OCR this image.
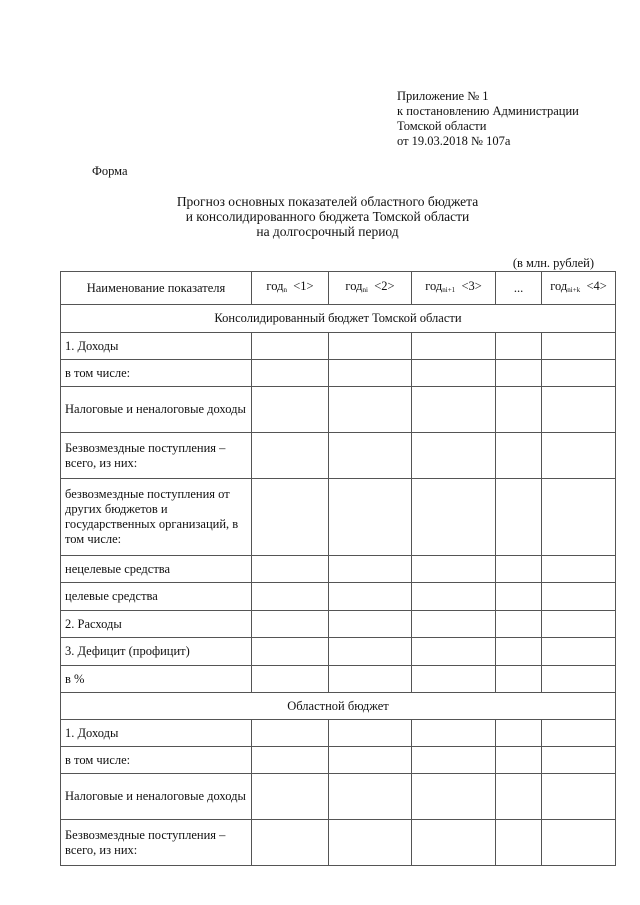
Приложение № 1
к постановлению Администрации
Томской области
от 19.03.2018 № 107а
Форма
Прогноз основных показателей областного бюджета
и консолидированного бюджета Томской области
на долгосрочный период
(в млн. рублей)
Наименование показателя	год$_n$ <1>	год$_{ni}$ <2>	год$_{ni+1}$ <3>	...	год$_{ni+k}$ <4>
Консолидированный бюджет Томской области					
1. Доходы					
в том числе:					
Налоговые и неналоговые доходы					
Безвозмездные поступления – всего, из них:					
безвозмездные поступления от других бюджетов и государственных организаций, в том числе:					
нецелевые средства					
целевые средства					
2. Расходы					
3. Дефицит (профицит)					
в %					
Областной бюджет					
1. Доходы					
в том числе:					
Налоговые и неналоговые доходы					
Безвозмездные поступления – всего, из них:					
